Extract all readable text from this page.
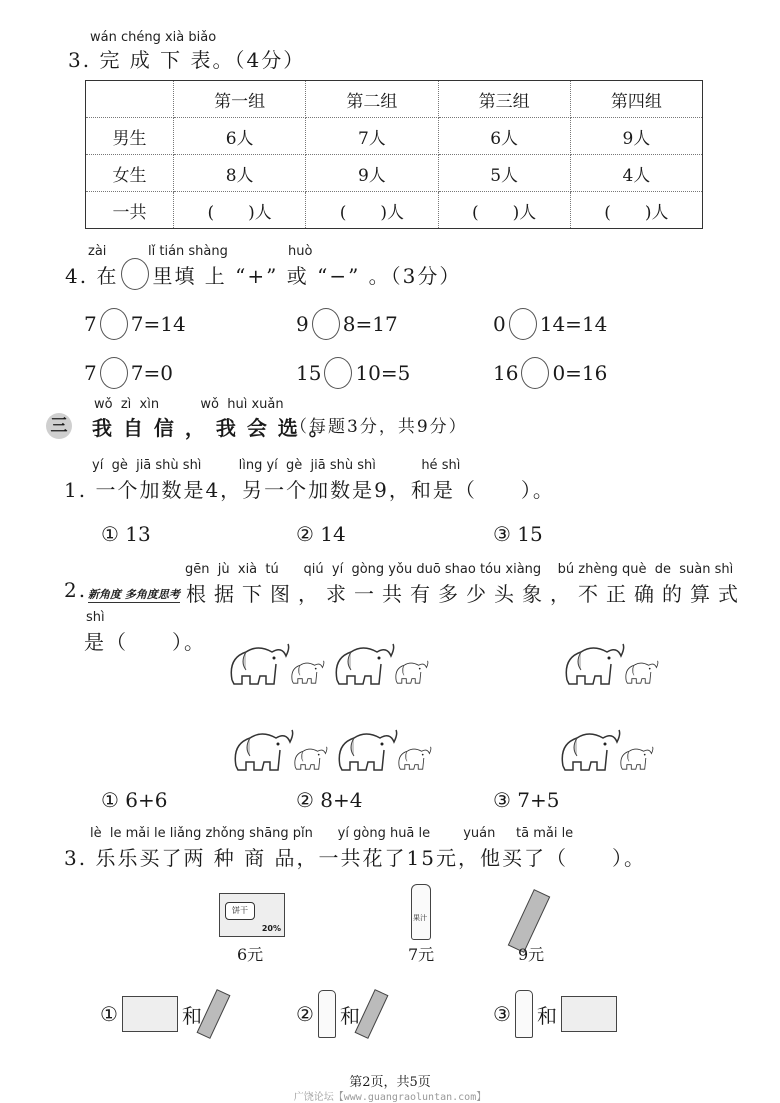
wán chéng xià biǎo
3. 完 成 下 表。（4分）
	第一组	第二组	第三组	第四组
男生	6人	7人	6人	9人
女生	8人	9人	5人	4人
一共	(　　)人	(　　)人	(　　)人	(　　)人
zài	lǐ tián shàng	huò
4. 在 里填 上 “+” 或 “−” 。（3分）
7 7=14	9 8=17	0 14=14
7 7=0	15 10=5	16 0=16
三
wǒ  zì  xìn          wǒ  huì xuǎn
我 自 信 ， 我 会 选 。
（每题3分，共9分）
yí  gè  jiā shù shì         lìng yí  gè  jiā shù shì           hé shì
1. 一个加数是4，另一个加数是9，和是（　　）。
① 13	② 14	③ 15
gēn  jù  xià  tú      qiú  yí  gòng yǒu duō shao tóu xiàng    bú zhèng què  de  suàn shì
2. 新角度 多角度思考 根据下图，求一共有多少头象，不正确的算式
shì
是（　　）。
① 6+6	② 8+4	③ 7+5
lè  le mǎi le liǎng zhǒng shāng pǐn      yí gòng huā le        yuán     tā mǎi le
3. 乐乐买了两 种 商 品，一共花了15元，他买了（　　）。
饼干
20%
果汁
6元	7元	9元
①	和	② 和	③ 和
第2页，共5页
广饶论坛【www.guangraoluntan.com】
